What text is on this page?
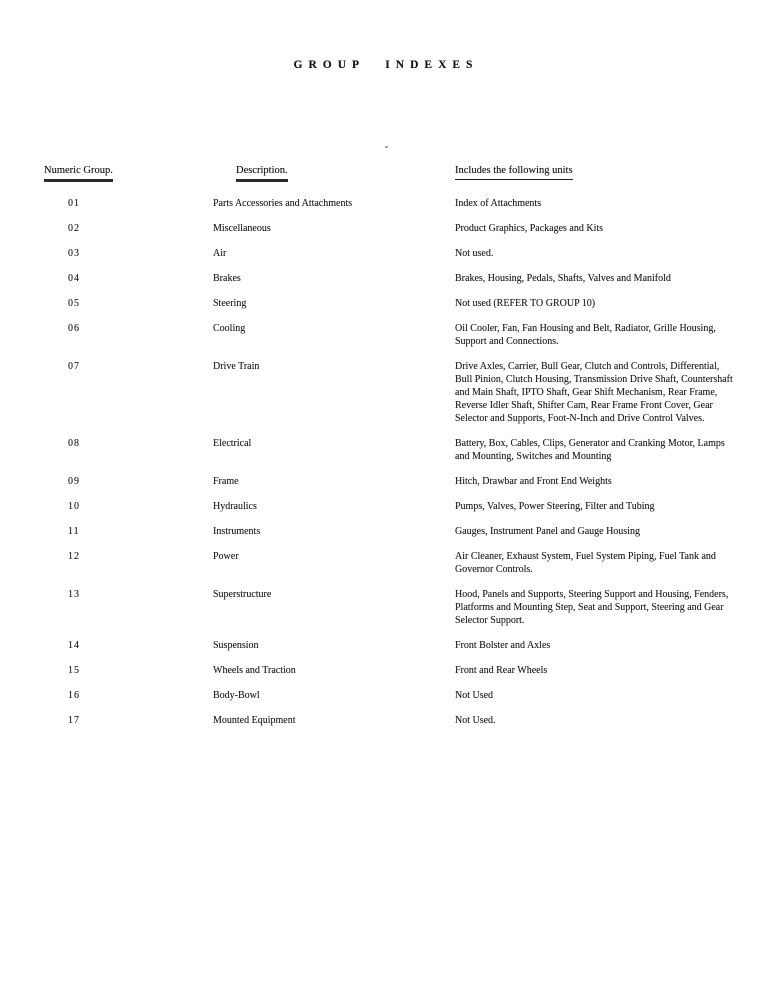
GROUP INDEXES
Numeric Group.	Description.	Includes the following units
01	Parts Accessories and Attachments	Index of Attachments
02	Miscellaneous	Product Graphics, Packages and Kits
03	Air	Not used.
04	Brakes	Brakes, Housing, Pedals, Shafts, Valves and Manifold
05	Steering	Not used (REFER TO GROUP 10)
06	Cooling	Oil Cooler, Fan, Fan Housing and Belt, Radiator, Grille Housing, Support and Connections.
07	Drive Train	Drive Axles, Carrier, Bull Gear, Clutch and Controls, Differential, Bull Pinion, Clutch Housing, Transmission Drive Shaft, Countershaft and Main Shaft, IPTO Shaft, Gear Shift Mechanism, Rear Frame, Reverse Idler Shaft, Shifter Cam, Rear Frame Front Cover, Gear Selector and Supports, Foot-N-Inch and Drive Control Valves.
08	Electrical	Battery, Box, Cables, Clips, Generator and Cranking Motor, Lamps and Mounting, Switches and Mounting
09	Frame	Hitch, Drawbar and Front End Weights
10	Hydraulics	Pumps, Valves, Power Steering, Filter and Tubing
11	Instruments	Gauges, Instrument Panel and Gauge Housing
12	Power	Air Cleaner, Exhaust System, Fuel System Piping, Fuel Tank and Governor Controls.
13	Superstructure	Hood, Panels and Supports, Steering Support and Housing, Fenders, Platforms and Mounting Step, Seat and Support, Steering and Gear Selector Support.
14	Suspension	Front Bolster and Axles
15	Wheels and Traction	Front and Rear Wheels
16	Body-Bowl	Not Used
17	Mounted Equipment	Not Used.
